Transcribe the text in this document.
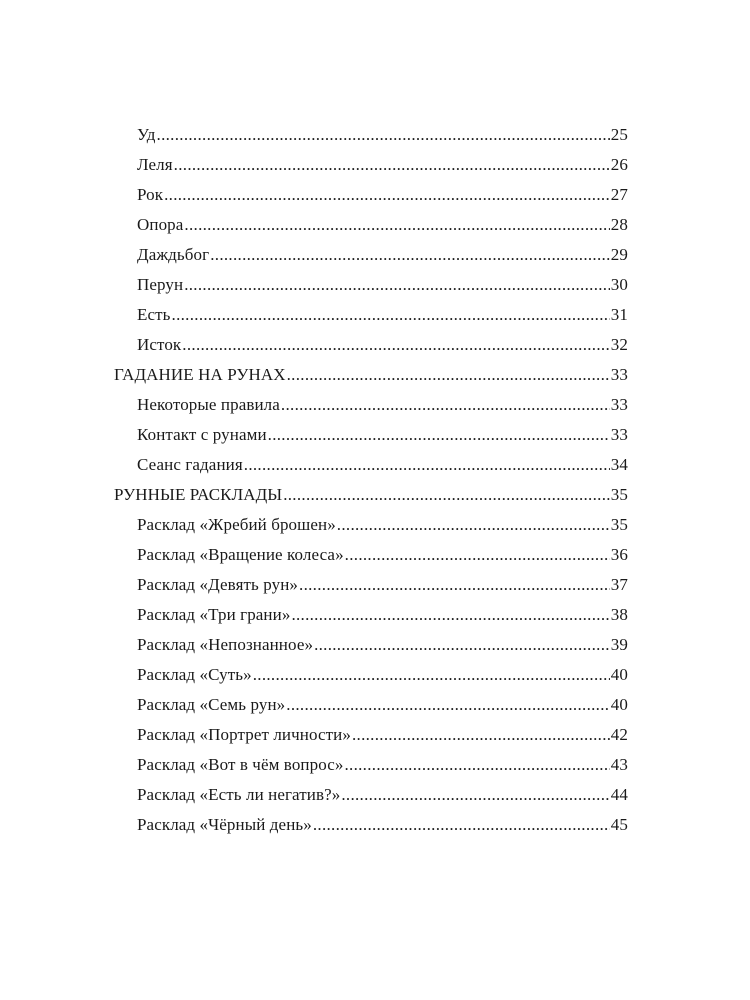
Уд .....	25
Леля .....	26
Рок .....	27
Опора .....	28
Даждьбог .....	29
Перун .....	30
Есть .....	31
Исток .....	32
ГАДАНИЕ НА РУНАХ .....	33
Некоторые правила .....	33
Контакт с рунами .....	33
Сеанс гадания .....	34
РУННЫЕ РАСКЛАДЫ .....	35
Расклад «Жребий брошен» .....	35
Расклад «Вращение колеса» .....	36
Расклад «Девять рун» .....	37
Расклад «Три грани» .....	38
Расклад «Непознанное» .....	39
Расклад «Суть» .....	40
Расклад «Семь рун» .....	40
Расклад «Портрет личности» .....	42
Расклад «Вот в чём вопрос» .....	43
Расклад «Есть ли негатив?» .....	44
Расклад «Чёрный день» .....	45
